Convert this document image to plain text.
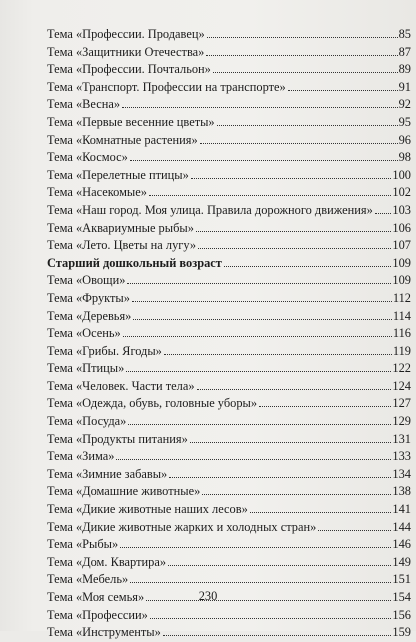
Тема «Профессии. Продавец»	85
Тема «Защитники Отечества»	87
Тема «Профессии. Почтальон»	89
Тема «Транспорт. Профессии на транспорте»	91
Тема «Весна»	92
Тема «Первые весенние цветы»	95
Тема «Комнатные растения»	96
Тема «Космос»	98
Тема «Перелетные птицы»	100
Тема «Насекомые»	102
Тема «Наш город. Моя улица. Правила дорожного движения» 103
Тема «Аквариумные рыбы»	106
Тема «Лето. Цветы на лугу»	107
Старший дошкольный возраст	109
Тема «Овощи»	109
Тема «Фрукты»	112
Тема «Деревья»	114
Тема «Осень»	116
Тема «Грибы. Ягоды»	119
Тема «Птицы»	122
Тема «Человек. Части тела»	124
Тема «Одежда, обувь, головные уборы»	127
Тема «Посуда»	129
Тема «Продукты питания»	131
Тема «Зима»	133
Тема «Зимние забавы»	134
Тема «Домашние животные»	138
Тема «Дикие животные наших лесов»	141
Тема «Дикие животные жарких и холодных стран»	144
Тема «Рыбы»	146
Тема «Дом. Квартира»	149
Тема «Мебель»	151
Тема «Моя семья»	154
Тема «Профессии»	156
Тема «Инструменты»	159
230
